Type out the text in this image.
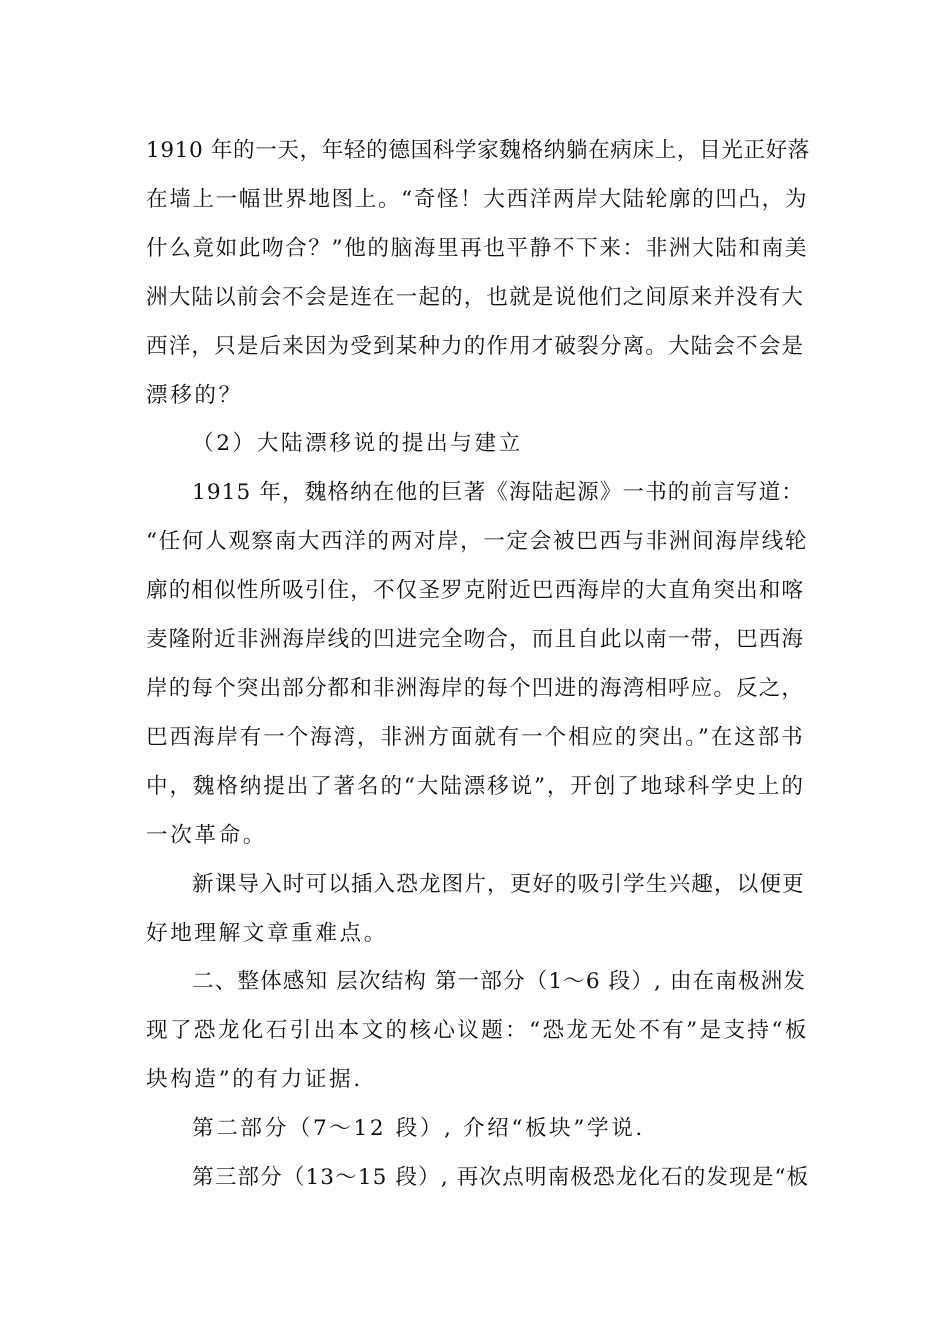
1910 年的一天，年轻的德国科学家魏格纳躺在病床上，目光正好落
在墙上一幅世界地图上。“奇怪！大西洋两岸大陆轮廓的凹凸，为
什么竟如此吻合？”他的脑海里再也平静不下来：非洲大陆和南美
洲大陆以前会不会是连在一起的，也就是说他们之间原来并没有大
西洋，只是后来因为受到某种力的作用才破裂分离。大陆会不会是
漂移的？

（2）大陆漂移说的提出与建立

1915 年，魏格纳在他的巨著《海陆起源》一书的前言写道：
“任何人观察南大西洋的两对岸，一定会被巴西与非洲间海岸线轮
廓的相似性所吸引住，不仅圣罗克附近巴西海岸的大直角突出和喀
麦隆附近非洲海岸线的凹进完全吻合，而且自此以南一带，巴西海
岸的每个突出部分都和非洲海岸的每个凹进的海湾相呼应。反之，
巴西海岸有一个海湾，非洲方面就有一个相应的突出。”在这部书
中，魏格纳提出了著名的“大陆漂移说”，开创了地球科学史上的
一次革命。

新课导入时可以插入恐龙图片，更好的吸引学生兴趣，以便更
好地理解文章重难点。

二、整体感知 层次结构 第一部分（1～6 段）, 由在南极洲发
现了恐龙化石引出本文的核心议题：“恐龙无处不有”是支持“板
块构造”的有力证据.

第二部分（7～12 段）, 介绍“板块”学说.

第三部分（13～15 段）, 再次点明南极恐龙化石的发现是“板
